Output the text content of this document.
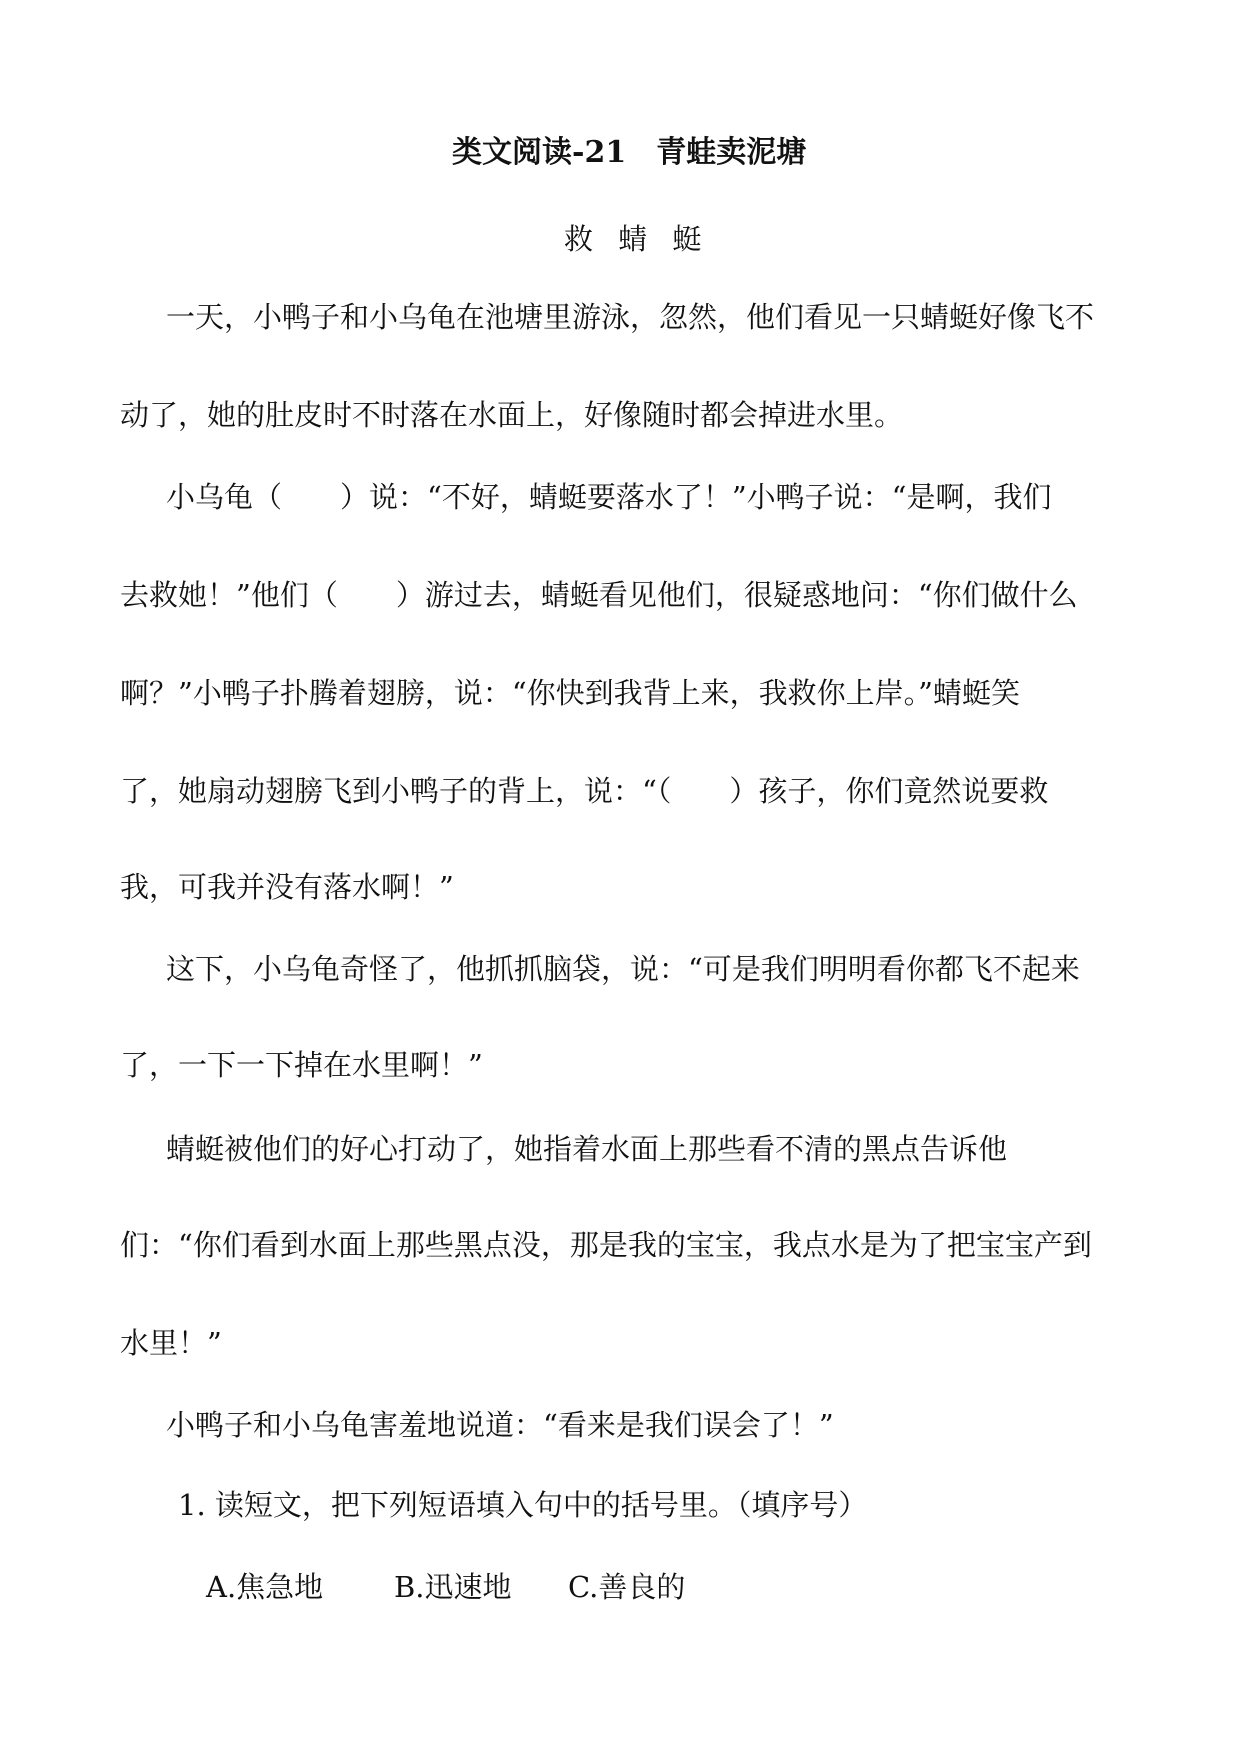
类文阅读-21　青蛙卖泥塘
救 蜻 蜓
一天，小鸭子和小乌龟在池塘里游泳，忽然，他们看见一只蜻蜓好像飞不
动了，她的肚皮时不时落在水面上，好像随时都会掉进水里。
小乌龟（　　）说：“不好，蜻蜓要落水了！”小鸭子说：“是啊，我们
去救她！”他们（　　）游过去，蜻蜓看见他们，很疑惑地问：“你们做什么
啊？”小鸭子扑腾着翅膀，说：“你快到我背上来，我救你上岸。”蜻蜓笑
了，她扇动翅膀飞到小鸭子的背上，说：“（　　）孩子，你们竟然说要救
我，可我并没有落水啊！”
这下，小乌龟奇怪了，他抓抓脑袋，说：“可是我们明明看你都飞不起来
了，一下一下掉在水里啊！”
蜻蜓被他们的好心打动了，她指着水面上那些看不清的黑点告诉他
们：“你们看到水面上那些黑点没，那是我的宝宝，我点水是为了把宝宝产到
水里！”
小鸭子和小乌龟害羞地说道：“看来是我们误会了！”
1. 读短文，把下列短语填入句中的括号里。（填序号）
A.焦急地 B.迅速地 C.善良的
